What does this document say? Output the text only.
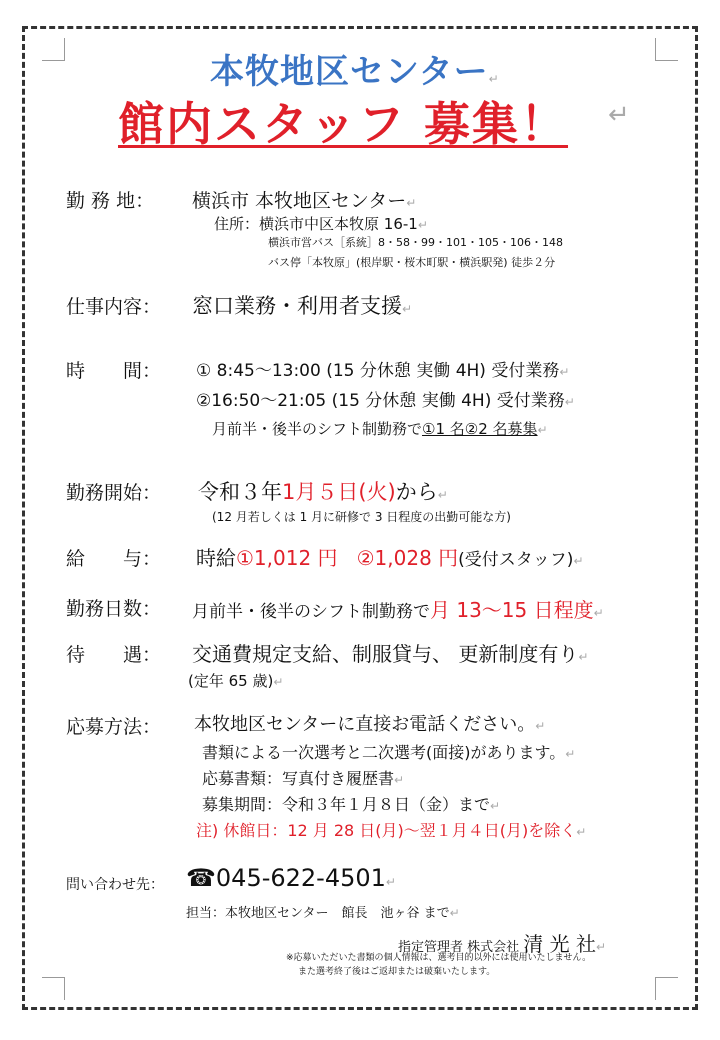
本牧地区センター↵
館内スタッフ 募集！ ↵
勤 務 地： 横浜市 本牧地区センター↵
住所：横浜市中区本牧原 16-1↵
横浜市営バス［系統］8・58・99・101・105・106・148
バス停「本牧原」(根岸駅・桜木町駅・横浜駅発) 徒歩２分
仕事内容： 窓口業務・利用者支援↵
時　　間： ① 8:45～13:00 (15 分休憩 実働 4H) 受付業務↵
②16:50～21:05 (15 分休憩 実働 4H) 受付業務↵
月前半・後半のシフト制勤務で①1 名②2 名募集↵
勤務開始： 令和３年1月５日(火)から↵
(12 月若しくは 1 月に研修で 3 日程度の出勤可能な方)
給　　与： 時給①1,012 円 ②1,028 円(受付スタッフ)↵
勤務日数： 月前半・後半のシフト制勤務で月 13～15 日程度↵
待　　遇： 交通費規定支給、制服貸与、 更新制度有り↵
(定年 65 歳)↵
応募方法： 本牧地区センターに直接お電話ください。↵
書類による一次選考と二次選考(面接)があります。↵
応募書類：写真付き履歴書↵
募集期間：令和３年１月８日（金）まで↵
注) 休館日：12 月 28 日(月)～翌１月４日(月)を除く↵
問い合わせ先： ☎045-622-4501↵
担当：本牧地区センター　館長　池ヶ谷 まで↵
指定管理者 株式会社 清 光 社↵
※応募いただいた書類の個人情報は、選考目的以外には使用いたしません。
また選考終了後はご返却または破棄いたします。
